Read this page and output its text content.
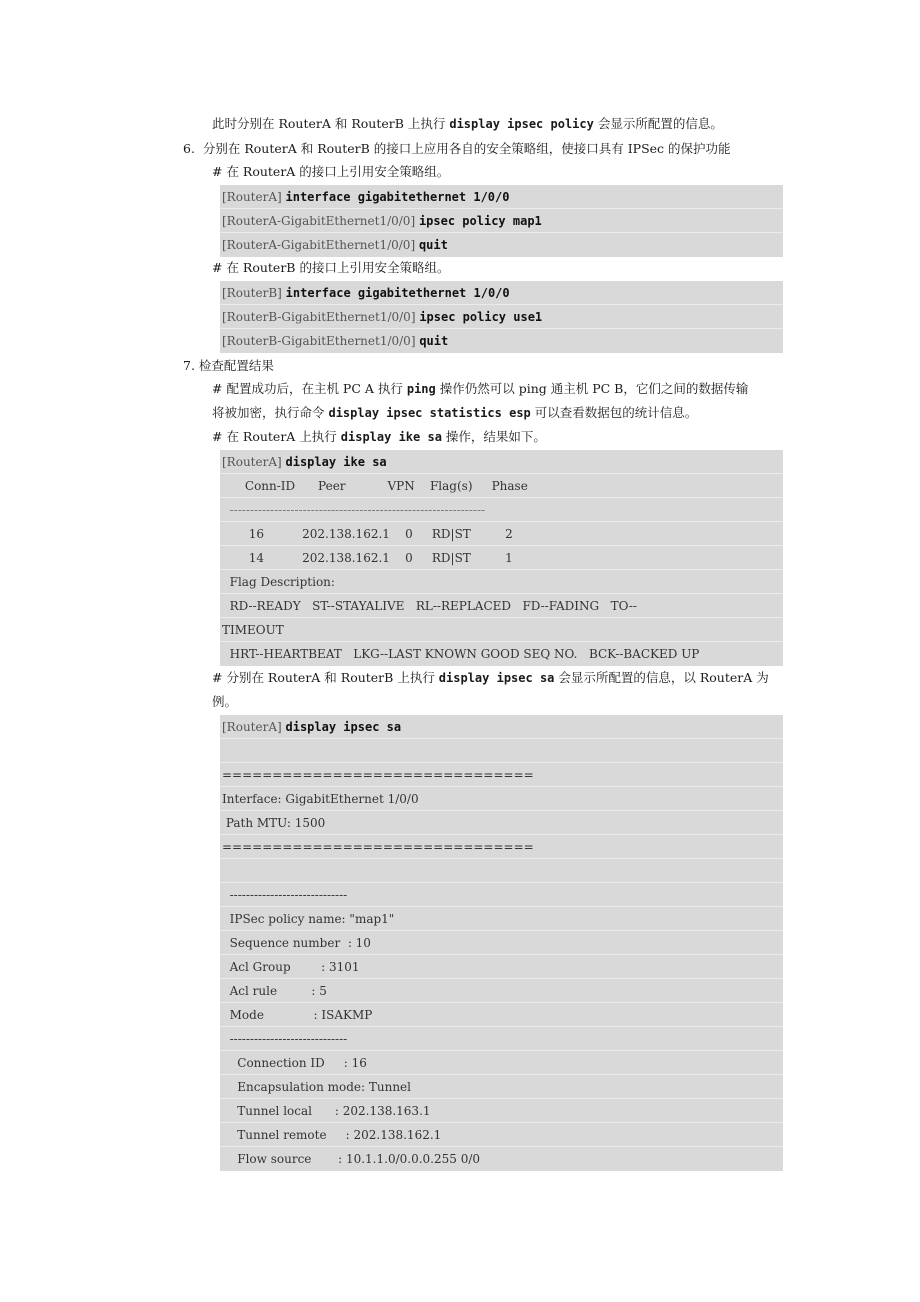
此时分别在 RouterA 和 RouterB 上执行 display ipsec policy 会显示所配置的信息。
6. 分别在 RouterA 和 RouterB 的接口上应用各自的安全策略组，使接口具有 IPSec 的保护功能
# 在 RouterA 的接口上引用安全策略组。
[RouterA] interface gigabitethernet 1/0/0
[RouterA-GigabitEthernet1/0/0] ipsec policy map1
[RouterA-GigabitEthernet1/0/0] quit
# 在 RouterB 的接口上引用安全策略组。
[RouterB] interface gigabitethernet 1/0/0
[RouterB-GigabitEthernet1/0/0] ipsec policy use1
[RouterB-GigabitEthernet1/0/0] quit
7. 检查配置结果
# 配置成功后，在主机 PC A 执行 ping 操作仍然可以 ping 通主机 PC B，它们之间的数据传输
将被加密，执行命令 display ipsec statistics esp 可以查看数据包的统计信息。
# 在 RouterA 上执行 display ike sa 操作，结果如下。
[RouterA] display ike sa
Conn-ID      Peer           VPN    Flag(s)     Phase
---------------------------------------------------------------
16          202.138.162.1    0     RD|ST         2
14          202.138.162.1    0     RD|ST         1
Flag Description:
RD--READY   ST--STAYALIVE   RL--REPLACED   FD--FADING   TO--
TIMEOUT
HRT--HEARTBEAT   LKG--LAST KNOWN GOOD SEQ NO.   BCK--BACKED UP
# 分别在 RouterA 和 RouterB 上执行 display ipsec sa 会显示所配置的信息，以 RouterA 为
例。
[RouterA] display ipsec sa
===============================
Interface: GigabitEthernet 1/0/0
Path MTU: 1500
===============================
-----------------------------
IPSec policy name: "map1"
Sequence number  : 10
Acl Group        : 3101
Acl rule         : 5
Mode             : ISAKMP
-----------------------------
Connection ID     : 16
Encapsulation mode: Tunnel
Tunnel local      : 202.138.163.1
Tunnel remote     : 202.138.162.1
Flow source       : 10.1.1.0/0.0.0.255 0/0
